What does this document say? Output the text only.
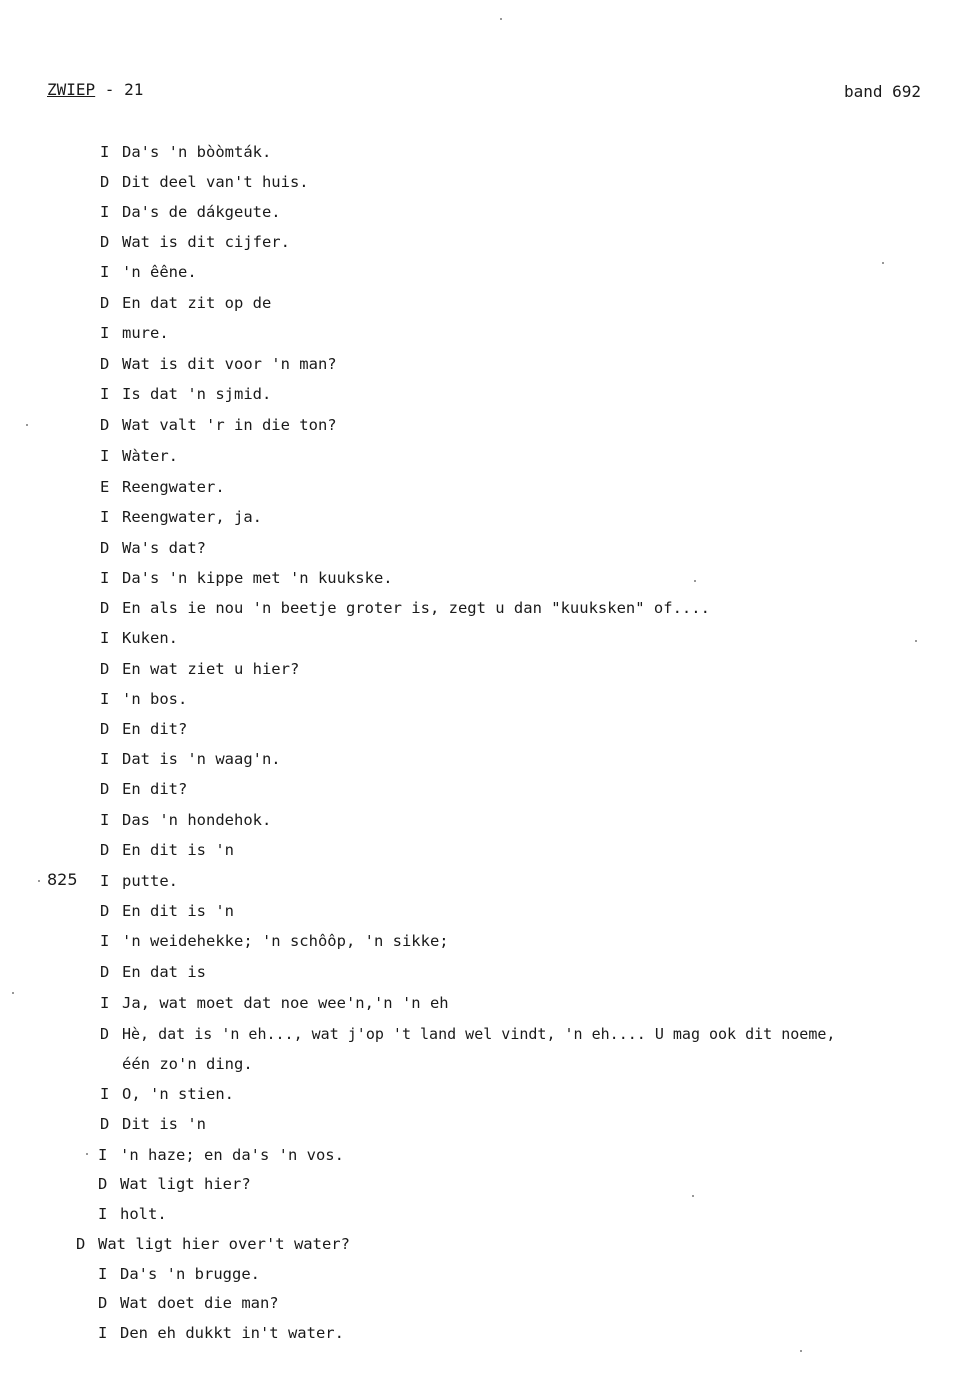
ZWIEP - 21	band 692
825
I Da's 'n bòòmták.
D Dit deel van't huis.
I Da's de dákgeute.
D Wat is dit cijfer.
I 'n êêne.
D En dat zit op de
I mure.
D Wat is dit voor 'n man?
I Is dat 'n sjmid.
D Wat valt 'r in die ton?
I Wàter.
E Reengwater.
I Reengwater, ja.
D Wa's dat?
I Da's 'n kippe met 'n kuukske.
D En als ie nou 'n beetje groter is, zegt u dan "kuuksken" of....
I Kuken.
D En wat ziet u hier?
I 'n bos.
D En dit?
I Dat is 'n waag'n.
D En dit?
I Das 'n hondehok.
D En dit is 'n
I putte.
D En dit is 'n
I 'n weidehekke; 'n schôôp, 'n sikke;
D En dat is
I Ja, wat moet dat noe wee'n,'n 'n eh
D Hè, dat is 'n eh..., wat j'op 't land wel vindt, 'n eh.... U mag ook dit noeme,
één zo'n ding.
I O, 'n stien.
D Dit is 'n
I 'n haze; en da's 'n vos.
D Wat ligt hier?
I holt.
D Wat ligt hier over't water?
I Da's 'n brugge.
D Wat doet die man?
I Den eh dukkt in't water.
